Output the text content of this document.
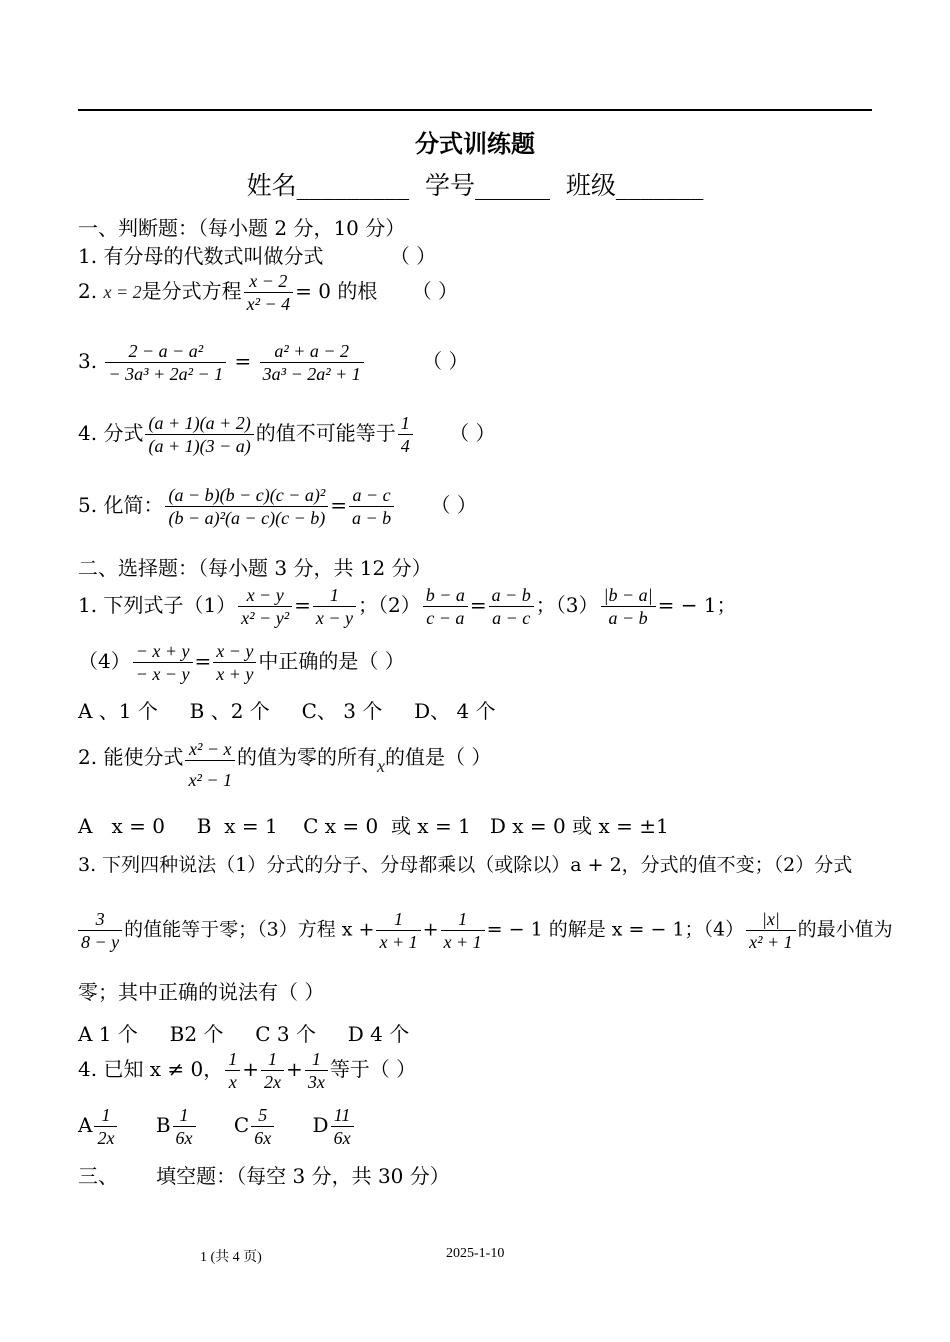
分式训练题
姓名_________  学号______  班级_______
一、判断题：（每小题 2 分，10 分）
1. 有分母的代数式叫做分式	（ ）
2. x = 2是分式方程 $\frac{x - 2}{\text{x² − 4}} = 0$ 的根 （ ）
3. $\frac{\text{2 − a − a²}}{\text{− 3a³ + 2a² − 1}} = \frac{\text{a² + a − 2}}{\text{3a³ − 2a² + 1}}$	（ ）
4. 分式 $\frac{(a + 1)(a + 2)}{(a + 1)(3 - a)}$ 的值不可能等于 $\frac{1}{4}$ （ ）
5. 化简： $\frac{\text{(a − b)(b − c)(c − a)²}}{\text{(b − a)²(a − c)(c − b)}} = \frac{a - c}{a - b}$ （ ）
二、选择题：（每小题 3 分，共 12 分）
1. 下列式子$(1) \frac{x - y}{\text{x² − y²}} = \frac{1}{x - y}$ ；$(2) \frac{b - a}{c - a} = \frac{a - b}{a - c}$ ；$(3) \frac{|b - a|}{a - b}$ = − 1；
$(4) \frac{- x + y}{- x - y} = \frac{x - y}{x + y}$ 中正确的是（ ）
A 、1 个     B 、2 个     C、 3 个     D、 4 个
2. 能使分式 $\frac{\text{x² − x}}{\text{x² − 1}}$ 的值为零的所有x的值是（ ）
A   x = 0     B  x = 1    C x = 0  或 x = 1   D x = 0 或 x = ±1
3. 下列四种说法（1）分式的分子、分母都乘以（或除以）a + 2，分式的值不变；（2）分式
$\frac{3}{8 - y}$ 的值能等于零；（3）方程 $x + \frac{1}{x + 1} + \frac{1}{x + 1}$ = − 1 的解是 x = − 1；$(4) \frac{|x|}{\text{x² + 1}}$ 的最小值为
零；其中正确的说法有（ ）
A 1 个     B2 个     C 3 个     D 4 个
4. 已知 x ≠ 0， $\frac{1}{x} + \frac{1}{2x} + \frac{1}{3x}$ 等于（ ）
A $\frac{1}{2x}$ B $\frac{1}{6x}$ C $\frac{5}{6x}$ D $\frac{11}{6x}$
三、      填空题：（每空 3 分，共 30 分）
1 (共 4 页)	2025-1-10
